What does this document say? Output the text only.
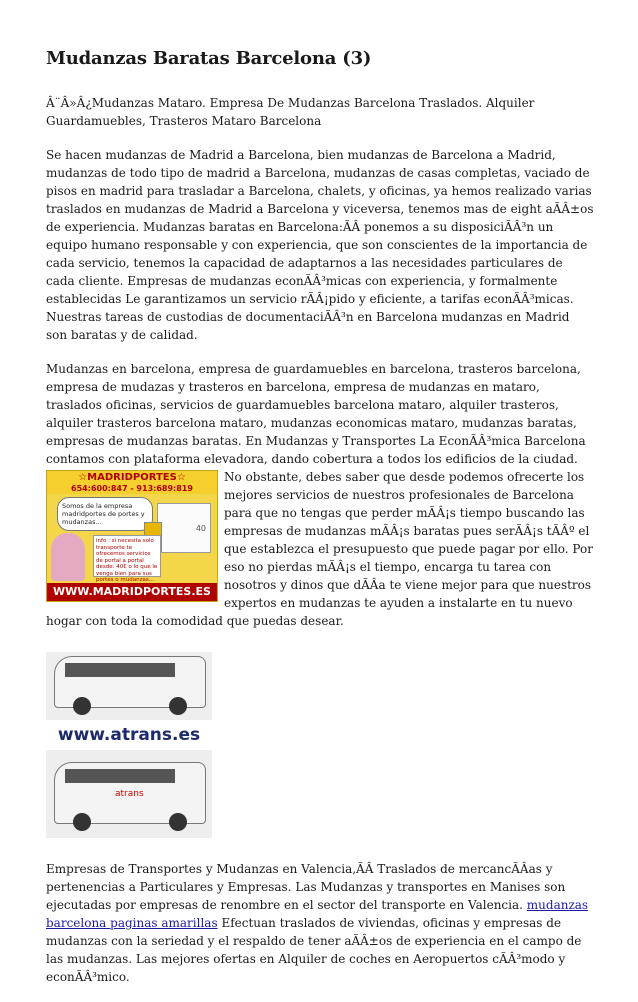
Mudanzas Baratas Barcelona (3)

Â¨Â»Â¿Mudanzas Mataro. Empresa De Mudanzas Barcelona Traslados. Alquiler Guardamuebles, Trasteros Mataro Barcelona

Se hacen mudanzas de Madrid a Barcelona, bien mudanzas de Barcelona a Madrid, mudanzas de todo tipo de madrid a Barcelona, mudanzas de casas completas, vaciado de pisos en madrid para trasladar a Barcelona, chalets, y oficinas, ya hemos realizado varias traslados en mudanzas de Madrid a Barcelona y viceversa, tenemos mas de eight aÃÂ±os de experiencia. Mudanzas baratas en Barcelona:ÃÂ ponemos a su disposiciÃÂ³n un equipo humano responsable y con experiencia, que son conscientes de la importancia de cada servicio, tenemos la capacidad de adaptarnos a las necesidades particulares de cada cliente. Empresas de mudanzas econÃÂ³micas con experiencia, y formalmente establecidas Le garantizamos un servicio rÃÂ¡pido y eficiente, a tarifas econÃÂ³micas. Nuestras tareas de custodias de documentaciÃÂ³n en Barcelona mudanzas en Madrid son baratas y de calidad.

Mudanzas en barcelona, empresa de guardamuebles en barcelona, trasteros barcelona, empresa de mudazas y trasteros en barcelona, empresa de mudanzas en mataro, traslados oficinas, servicios de guardamuebles barcelona mataro, alquiler trasteros, alquiler trasteros barcelona mataro, mudanzas economicas mataro, mudanzas baratas, empresas de mudanzas baratas. En Mudanzas y Transportes La EconÃÂ³mica Barcelona contamos con plataforma elevadora, dando cobertura a todos los edificios de la ciudad.

☆MADRIDPORTES☆
654:600:847 - 913:689:819
Somos de la empresa madridportes de portes y mudanzas...
40
info : si necesita solo transporte te ofrecemos servicios de portal a portal desde: 40€ o lo que le venga bien para sus portes o mudanzas...
WWW.MADRIDPORTES.ES

No obstante, debes saber que desde podemos ofrecerte los mejores servicios de nuestros profesionales de Barcelona para que no tengas que perder mÃÂ¡s tiempo buscando las empresas de mudanzas mÃÂ¡s baratas pues serÃÂ¡s tÃÂº el que establezca el presupuesto que puede pagar por ello. Por eso no pierdas mÃÂ¡s el tiempo, encarga tu tarea con nosotros y dinos que dÃÂa te viene mejor para que nuestros expertos en mudanzas te ayuden a instalarte en tu nuevo hogar con toda la comodidad que puedas desear.

www.atrans.es
atrans

Empresas de Transportes y Mudanzas en Valencia,ÃÂ Traslados de mercancÃÂas y pertenencias a Particulares y Empresas. Las Mudanzas y transportes en Manises son ejecutadas por empresas de renombre en el sector del transporte en Valencia. mudanzas barcelona paginas amarillas Efectuan traslados de viviendas, oficinas y empresas de mudanzas con la seriedad y el respaldo de tener aÃÂ±os de experiencia en el campo de las mudanzas. Las mejores ofertas en Alquiler de coches en Aeropuertos cÃÂ³modo y econÃÂ³mico.
